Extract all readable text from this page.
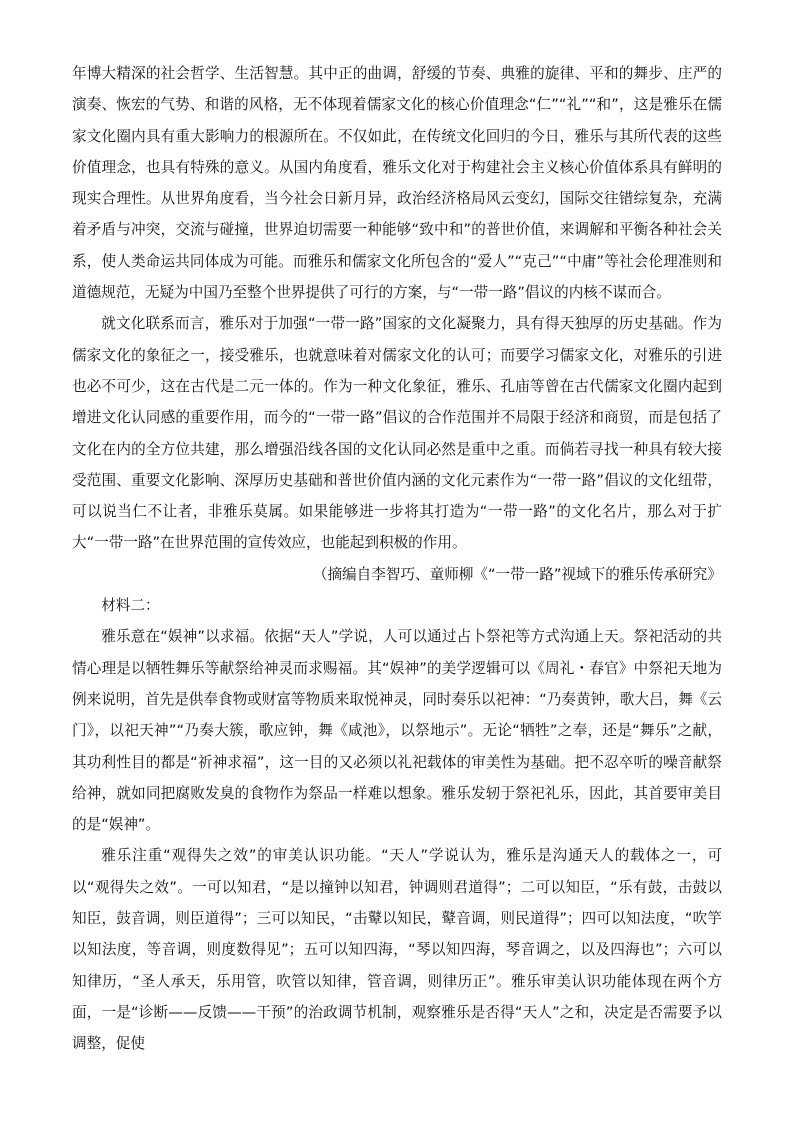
年博大精深的社会哲学、生活智慧。其中正的曲调，舒缓的节奏、典雅的旋律、平和的舞步、庄严的演奏、恢宏的气势、和谐的风格，无不体现着儒家文化的核心价值理念“仁”“礼”“和”，这是雅乐在儒家文化圈内具有重大影响力的根源所在。不仅如此，在传统文化回归的今日，雅乐与其所代表的这些价值理念，也具有特殊的意义。从国内角度看，雅乐文化对于构建社会主义核心价值体系具有鲜明的现实合理性。从世界角度看，当今社会日新月异，政治经济格局风云变幻，国际交往错综复杂，充满着矛盾与冲突，交流与碰撞，世界迫切需要一种能够“致中和”的普世价值，来调解和平衡各种社会关系，使人类命运共同体成为可能。而雅乐和儒家文化所包含的“爱人”“克己”“中庸”等社会伦理准则和道德规范，无疑为中国乃至整个世界提供了可行的方案，与“一带一路”倡议的内核不谋而合。

就文化联系而言，雅乐对于加强“一带一路”国家的文化凝聚力，具有得天独厚的历史基础。作为儒家文化的象征之一，接受雅乐，也就意味着对儒家文化的认可；而要学习儒家文化，对雅乐的引进也必不可少，这在古代是二元一体的。作为一种文化象征，雅乐、孔庙等曾在古代儒家文化圈内起到增进文化认同感的重要作用，而今的“一带一路”倡议的合作范围并不局限于经济和商贸，而是包括了文化在内的全方位共建，那么增强沿线各国的文化认同必然是重中之重。而倘若寻找一种具有较大接受范围、重要文化影响、深厚历史基础和普世价值内涵的文化元素作为“一带一路”倡议的文化纽带，可以说当仁不让者，非雅乐莫属。如果能够进一步将其打造为“一带一路”的文化名片，那么对于扩大“一带一路”在世界范围的宣传效应，也能起到积极的作用。

（摘编自李智巧、童师柳《“一带一路”视域下的雅乐传承研究》

材料二：

雅乐意在“娱神”以求福。依据“天人”学说，人可以通过占卜祭祀等方式沟通上天。祭祀活动的共情心理是以牺牲舞乐等献祭给神灵而求赐福。其“娱神”的美学逻辑可以《周礼・春官》中祭祀天地为例来说明，首先是供奉食物或财富等物质来取悦神灵，同时奏乐以祀神：“乃奏黄钟，歌大吕，舞《云门》，以祀天神”“乃奏大簇，歌应钟，舞《咸池》，以祭地示”。无论“牺牲”之奉，还是“舞乐”之献，其功利性目的都是“祈神求福”，这一目的又必须以礼祀载体的审美性为基础。把不忍卒听的噪音献祭给神，就如同把腐败发臭的食物作为祭品一样难以想象。雅乐发轫于祭祀礼乐，因此，其首要审美目的是“娱神”。

雅乐注重“观得失之效”的审美认识功能。“天人”学说认为，雅乐是沟通天人的载体之一，可以“观得失之效”。一可以知君，“是以撞钟以知君，钟调则君道得”；二可以知臣，“乐有鼓，击鼓以知臣，鼓音调，则臣道得”；三可以知民，“击鼙以知民，鼙音调，则民道得”；四可以知法度，“吹竽以知法度，等音调，则度数得见”；五可以知四海，“琴以知四海，琴音调之，以及四海也”；六可以知律历，“圣人承天，乐用管，吹管以知律，管音调，则律历正”。雅乐审美认识功能体现在两个方面，一是“诊断——反馈——干预”的治政调节机制，观察雅乐是否得“天人”之和，决定是否需要予以调整，促使
